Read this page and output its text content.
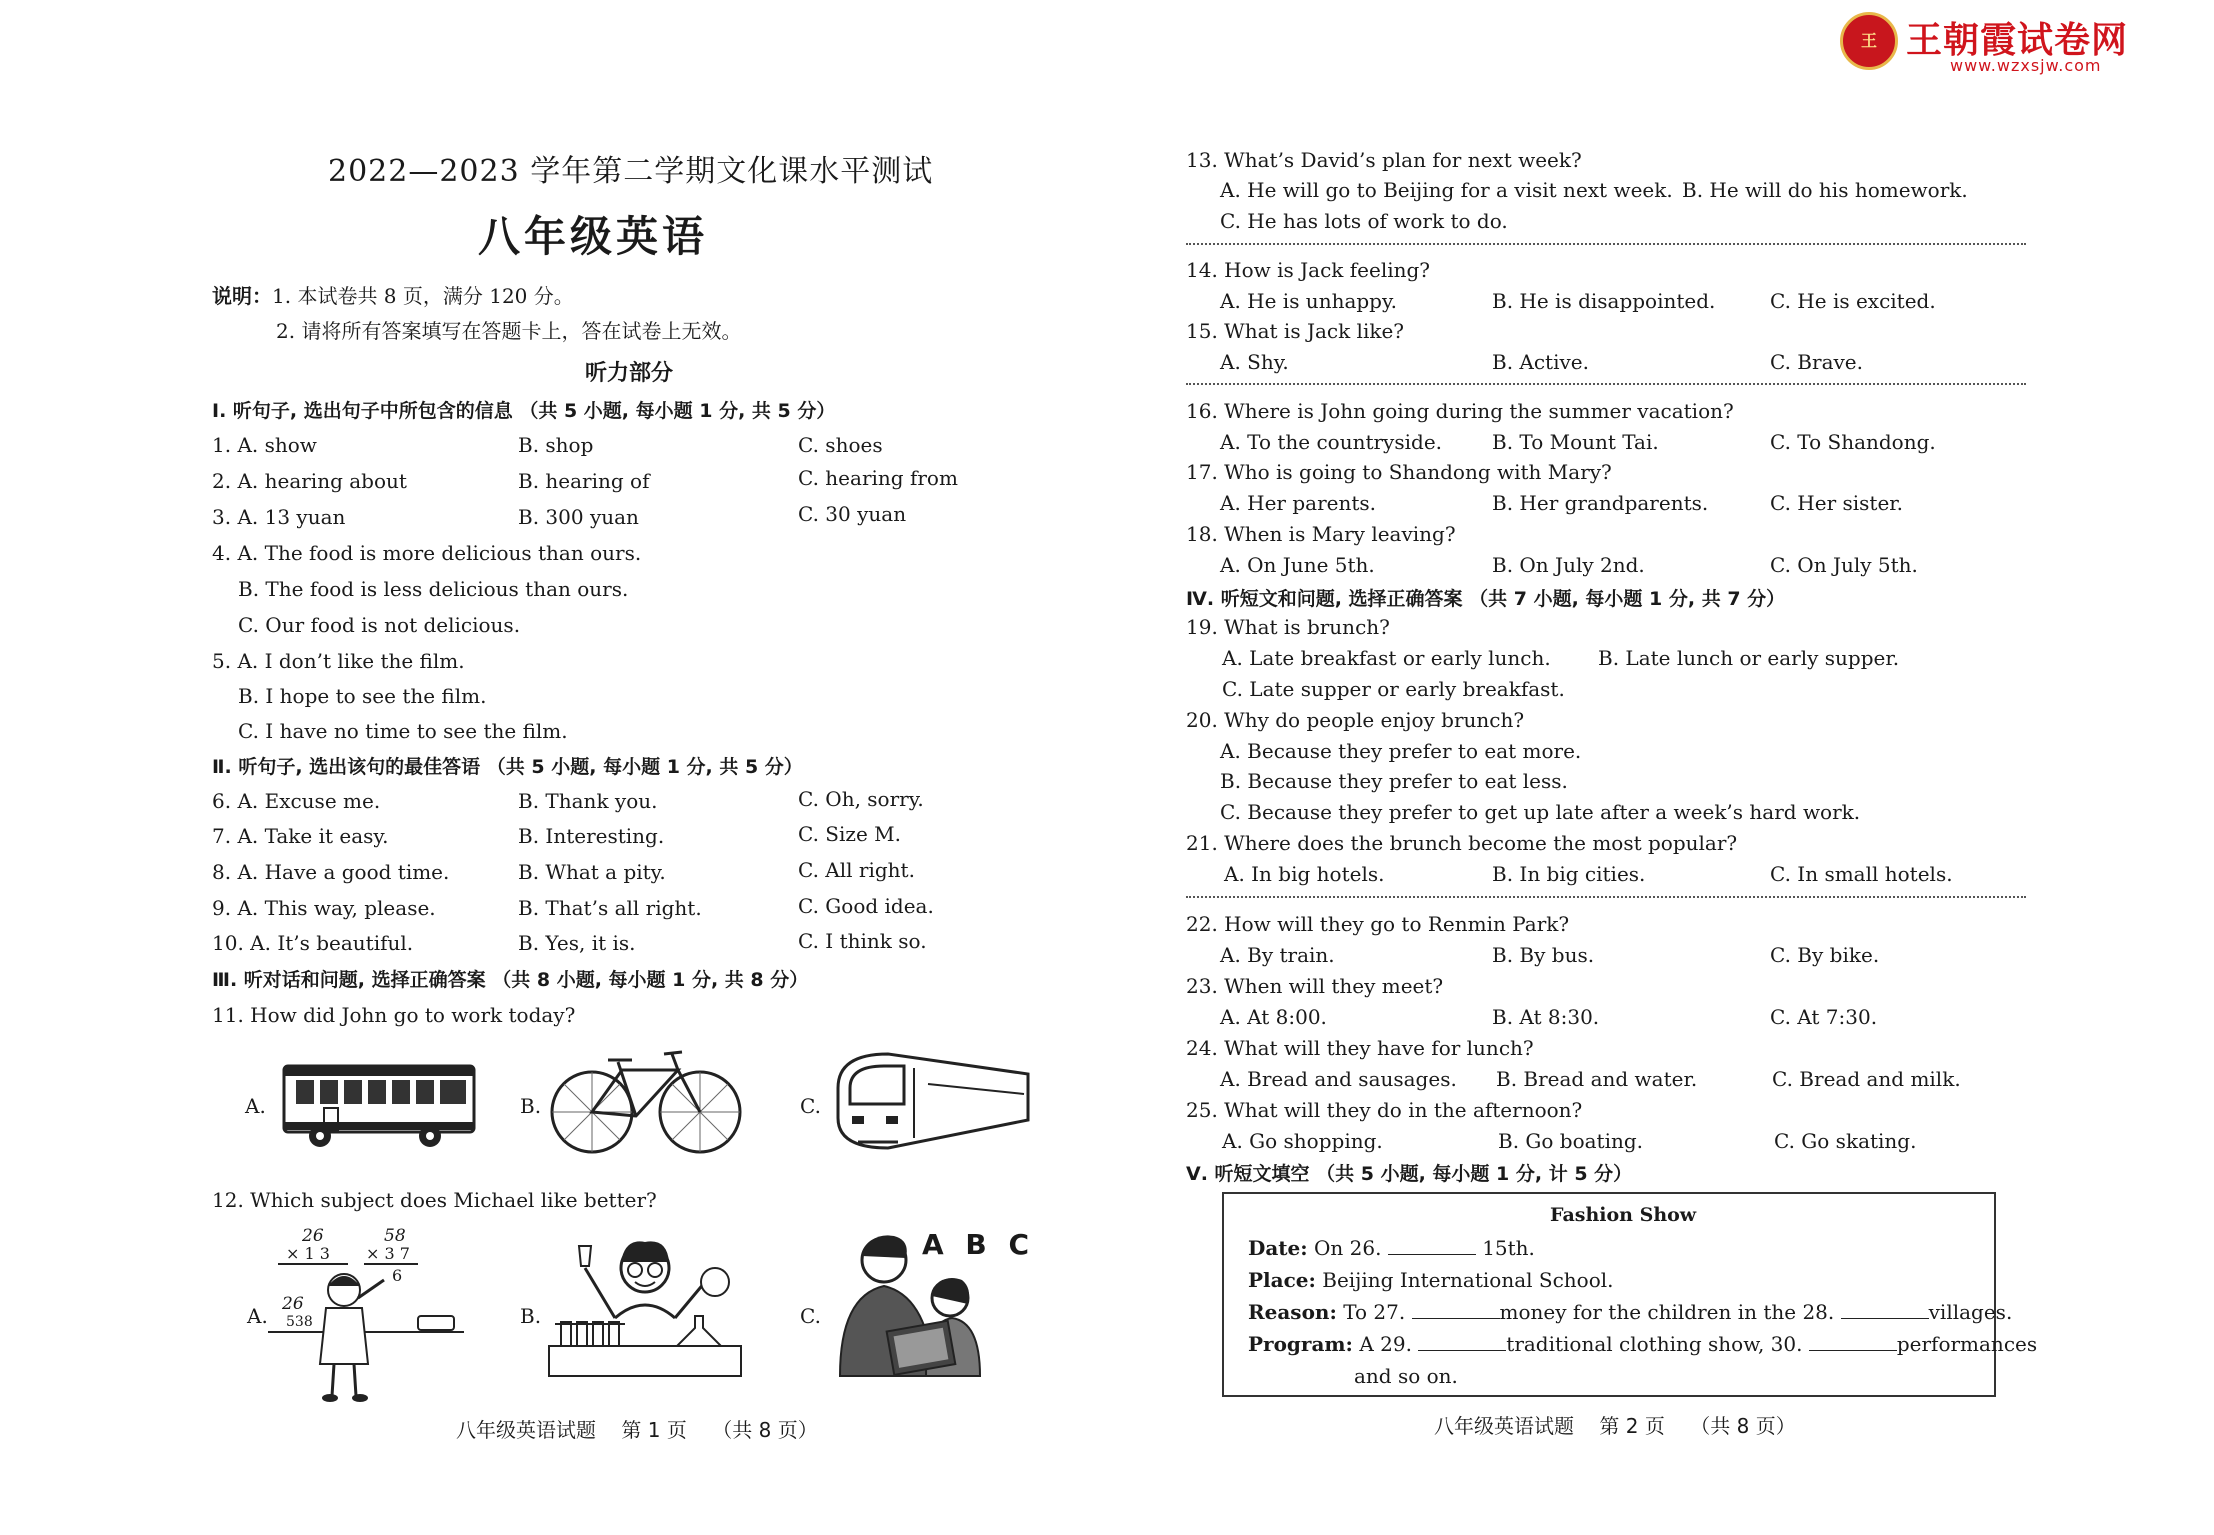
王 王朝霞试卷网
www.wzxsjw.com
2022—2023 学年第二学期文化课水平测试
八年级英语
说明： 1. 本试卷共 8 页，满分 120 分。
2. 请将所有答案填写在答题卡上，答在试卷上无效。
听力部分
Ⅰ. 听句子, 选出句子中所包含的信息 （共 5 小题, 每小题 1 分, 共 5 分）
1. A. show	B. shop	C. shoes
2. A. hearing about	B. hearing of	C. hearing from
3. A. 13 yuan	B. 300 yuan	C. 30 yuan
4. A. The food is more delicious than ours.
B. The food is less delicious than ours.
C. Our food is not delicious.
5. A. I don’t like the film.
B. I hope to see the film.
C. I have no time to see the film.
Ⅱ. 听句子, 选出该句的最佳答语 （共 5 小题, 每小题 1 分, 共 5 分）
6. A. Excuse me.	B. Thank you.	C. Oh, sorry.
7. A. Take it easy.	B. Interesting.	C. Size M.
8. A. Have a good time.	B. What a pity.	C. All right.
9. A. This way, please.	B. That’s all right.	C. Good idea.
10. A. It’s beautiful.	B. Yes, it is.	C. I think so.
Ⅲ. 听对话和问题, 选择正确答案 （共 8 小题, 每小题 1 分, 共 8 分）
11. How did John go to work today?
A.	B.	C.
12. Which subject does Michael like better?
A.	B.	C.
26
× 1 3
58
× 3 7
6
26
538
A B C
八年级英语试题    第 1 页    （共 8 页）
13. What’s David’s plan for next week?
A. He will go to Beijing for a visit next week. B. He will do his homework.
C. He has lots of work to do.
14. How is Jack feeling?
A. He is unhappy.	B. He is disappointed.	C. He is excited.
15. What is Jack like?
A. Shy.	B. Active.	C. Brave.
16. Where is John going during the summer vacation?
A. To the countryside. B. To Mount Tai.	C. To Shandong.
17. Who is going to Shandong with Mary?
A. Her parents.	B. Her grandparents.	C. Her sister.
18. When is Mary leaving?
A. On June 5th.	B. On July 2nd.	C. On July 5th.
Ⅳ. 听短文和问题, 选择正确答案 （共 7 小题, 每小题 1 分, 共 7 分）
19. What is brunch?
A. Late breakfast or early lunch. B. Late lunch or early supper.
C. Late supper or early breakfast.
20. Why do people enjoy brunch?
A. Because they prefer to eat more.
B. Because they prefer to eat less.
C. Because they prefer to get up late after a week’s hard work.
21. Where does the brunch become the most popular?
A. In big hotels.	B. In big cities.	C. In small hotels.
22. How will they go to Renmin Park?
A. By train.	B. By bus.	C. By bike.
23. When will they meet?
A. At 8:00.	B. At 8:30.	C. At 7:30.
24. What will they have for lunch?
A. Bread and sausages. B. Bread and water.	C. Bread and milk.
25. What will they do in the afternoon?
A. Go shopping.	B. Go boating.	C. Go skating.
Ⅴ. 听短文填空 （共 5 小题, 每小题 1 分, 计 5 分）
Fashion Show
Date: On 26.	15th.
Place: Beijing International School.
Reason: To 27.	money for the children in the 28.	villages.
Program: A 29.	traditional clothing show, 30.	performances
and so on.
八年级英语试题    第 2 页    （共 8 页）
